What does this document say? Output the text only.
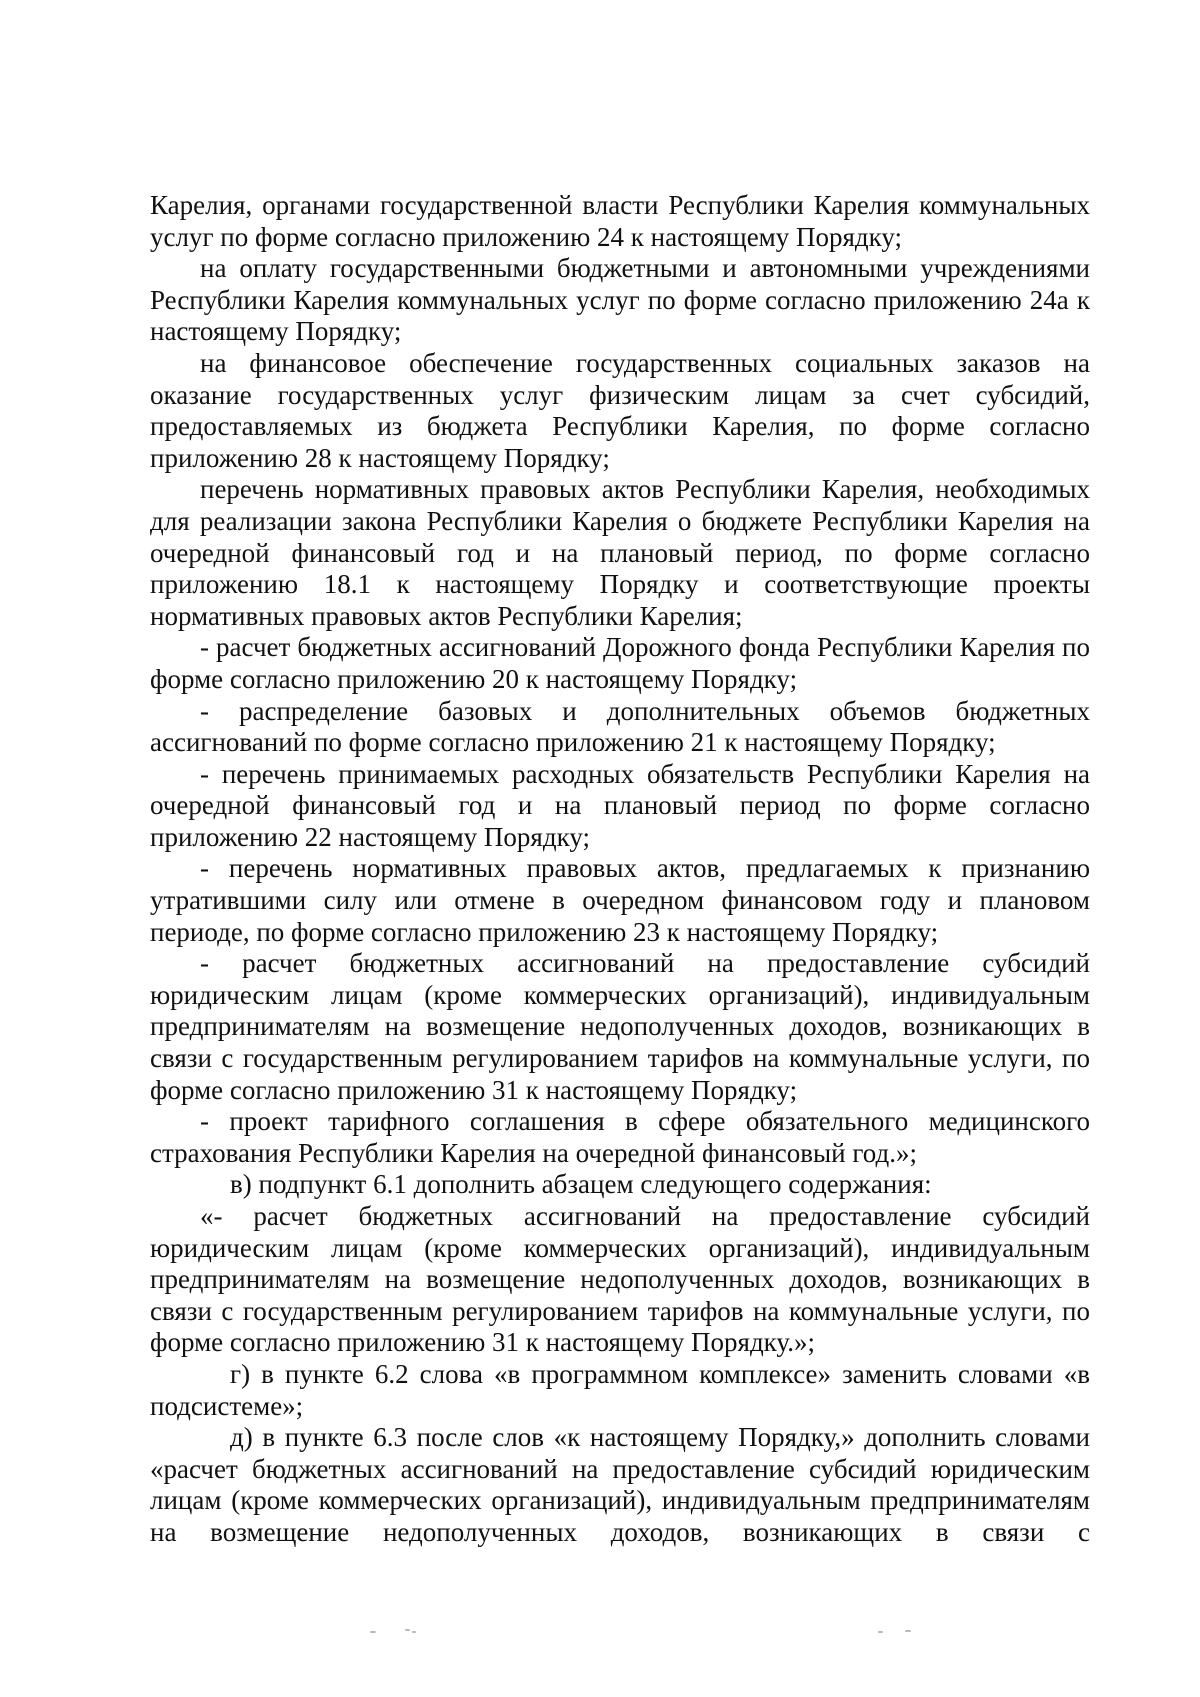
Карелия, органами государственной власти Республики Карелия коммунальных услуг по форме согласно приложению 24 к настоящему Порядку;

на оплату государственными бюджетными и автономными учреждениями Республики Карелия коммунальных услуг по форме согласно приложению 24а к настоящему Порядку;

на финансовое обеспечение государственных социальных заказов на оказание государственных услуг физическим лицам за счет субсидий, предоставляемых из бюджета Республики Карелия, по форме согласно приложению 28 к настоящему Порядку;

перечень нормативных правовых актов Республики Карелия, необходимых для реализации закона Республики Карелия о бюджете Республики Карелия на очередной финансовый год и на плановый период, по форме согласно приложению 18.1 к настоящему Порядку и соответствующие проекты нормативных правовых актов Республики Карелия;

- расчет бюджетных ассигнований Дорожного фонда Республики Карелия по форме согласно приложению 20 к настоящему Порядку;

- распределение базовых и дополнительных объемов бюджетных ассигнований по форме согласно приложению 21 к настоящему Порядку;

- перечень принимаемых расходных обязательств Республики Карелия на очередной финансовый год и на плановый период по форме согласно приложению 22 настоящему Порядку;

- перечень нормативных правовых актов, предлагаемых к признанию утратившими силу или отмене в очередном финансовом году и плановом периоде, по форме согласно приложению 23 к настоящему Порядку;

- расчет бюджетных ассигнований на предоставление субсидий юридическим лицам (кроме коммерческих организаций), индивидуальным предпринимателям на возмещение недополученных доходов, возникающих в связи с государственным регулированием тарифов на коммунальные услуги, по форме согласно приложению 31 к настоящему Порядку;

- проект тарифного соглашения в сфере обязательного медицинского страхования Республики Карелия на очередной финансовый год.»;

в) подпункт 6.1 дополнить абзацем следующего содержания:

«- расчет бюджетных ассигнований на предоставление субсидий юридическим лицам (кроме коммерческих организаций), индивидуальным предпринимателям на возмещение недополученных доходов, возникающих в связи с государственным регулированием тарифов на коммунальные услуги, по форме согласно приложению 31 к настоящему Порядку.»;

г) в пункте 6.2 слова «в программном комплексе» заменить словами «в подсистеме»;

д) в пункте 6.3 после слов «к настоящему Порядку,» дополнить словами «расчет бюджетных ассигнований на предоставление субсидий юридическим лицам (кроме коммерческих организаций), индивидуальным предпринимателям на возмещение недополученных доходов, возникающих в связи с
